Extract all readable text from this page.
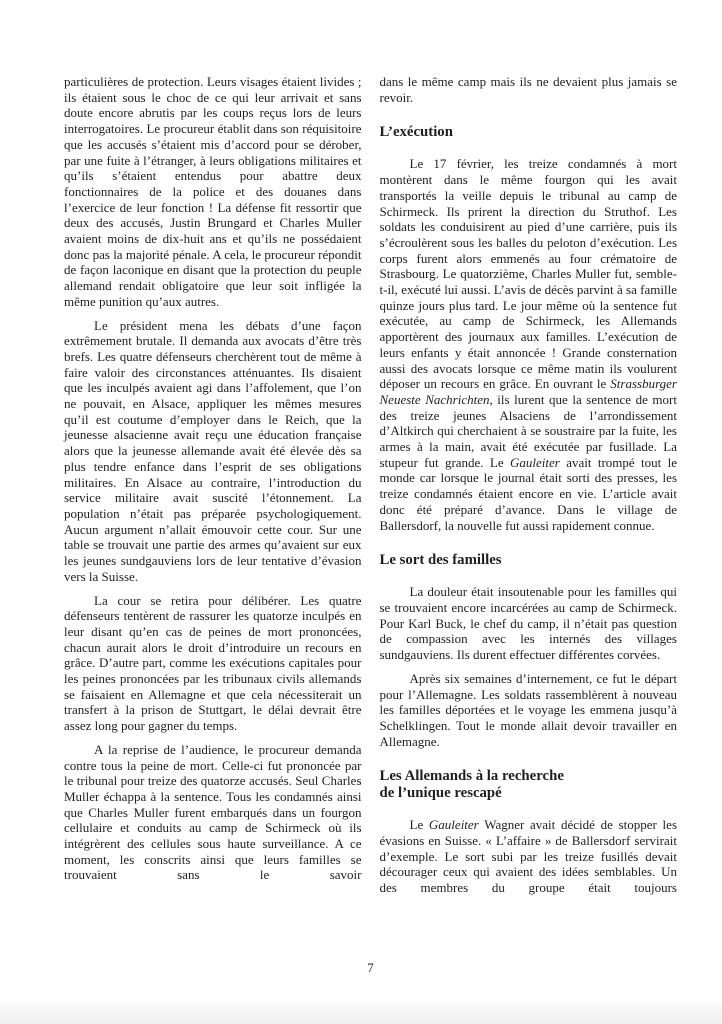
particulières de protection. Leurs visages étaient livides ; ils étaient sous le choc de ce qui leur arrivait et sans doute encore abrutis par les coups reçus lors de leurs interrogatoires. Le procureur établit dans son réquisitoire que les accusés s’étaient mis d’accord pour se dérober, par une fuite à l’étranger, à leurs obligations militaires et qu’ils s’étaient entendus pour abattre deux fonctionnaires de la police et des douanes dans l’exercice de leur fonction ! La défense fit ressortir que deux des accusés, Justin Brungard et Charles Muller avaient moins de dix-huit ans et qu’ils ne possédaient donc pas la majorité pénale. A cela, le procureur répondit de façon laconique en disant que la protection du peuple allemand rendait obligatoire que leur soit infligée la même punition qu’aux autres.

Le président mena les débats d’une façon extrêmement brutale. Il demanda aux avocats d’être très brefs. Les quatre défenseurs cherchèrent tout de même à faire valoir des circonstances atténuantes. Ils disaient que les inculpés avaient agi dans l’affolement, que l’on ne pouvait, en Alsace, appliquer les mêmes mesures qu’il est coutume d’employer dans le Reich, que la jeunesse alsacienne avait reçu une éducation française alors que la jeunesse allemande avait été élevée dès sa plus tendre enfance dans l’esprit de ses obligations militaires. En Alsace au contraire, l’introduction du service militaire avait suscité l’étonnement. La population n’était pas préparée psychologiquement. Aucun argument n’allait émouvoir cette cour. Sur une table se trouvait une partie des armes qu’avaient sur eux les jeunes sundgauviens lors de leur tentative d’évasion vers la Suisse.

La cour se retira pour délibérer. Les quatre défenseurs tentèrent de rassurer les quatorze inculpés en leur disant qu’en cas de peines de mort prononcées, chacun aurait alors le droit d’introduire un recours en grâce. D’autre part, comme les exécutions capitales pour les peines prononcées par les tribunaux civils allemands se faisaient en Allemagne et que cela nécessiterait un transfert à la prison de Stuttgart, le délai devrait être assez long pour gagner du temps.

A la reprise de l’audience, le procureur demanda contre tous la peine de mort. Celle-ci fut prononcée par le tribunal pour treize des quatorze accusés. Seul Charles Muller échappa à la sentence. Tous les condamnés ainsi que Charles Muller furent embarqués dans un fourgon cellulaire et conduits au camp de Schirmeck où ils intégrèrent des cellules sous haute surveillance. A ce moment, les conscrits ainsi que leurs familles se trouvaient sans le savoir

dans le même camp mais ils ne devaient plus jamais se revoir.

L’exécution

Le 17 février, les treize condamnés à mort montèrent dans le même fourgon qui les avait transportés la veille depuis le tribunal au camp de Schirmeck. Ils prirent la direction du Struthof. Les soldats les conduisirent au pied d’une carrière, puis ils s’écroulèrent sous les balles du peloton d’exécution. Les corps furent alors emmenés au four crématoire de Strasbourg. Le quatorzième, Charles Muller fut, semble-t-il, exécuté lui aussi. L’avis de décès parvint à sa famille quinze jours plus tard. Le jour même où la sentence fut exécutée, au camp de Schirmeck, les Allemands apportèrent des journaux aux familles. L’exécution de leurs enfants y était annoncée ! Grande consternation aussi des avocats lorsque ce même matin ils voulurent déposer un recours en grâce. En ouvrant le Strassburger Neueste Nachrichten, ils lurent que la sentence de mort des treize jeunes Alsaciens de l’arrondissement d’Altkirch qui cherchaient à se soustraire par la fuite, les armes à la main, avait été exécutée par fusillade. La stupeur fut grande. Le Gauleiter avait trompé tout le monde car lorsque le journal était sorti des presses, les treize condamnés étaient encore en vie. L’article avait donc été préparé d’avance. Dans le village de Ballersdorf, la nouvelle fut aussi rapidement connue.

Le sort des familles

La douleur était insoutenable pour les familles qui se trouvaient encore incarcérées au camp de Schirmeck. Pour Karl Buck, le chef du camp, il n’était pas question de compassion avec les internés des villages sundgauviens. Ils durent effectuer différentes corvées.

Après six semaines d’internement, ce fut le départ pour l’Allemagne. Les soldats rassemblèrent à nouveau les familles déportées et le voyage les emmena jusqu’à Schelklingen. Tout le monde allait devoir travailler en Allemagne.

Les Allemands à la recherche
de l’unique rescapé

Le Gauleiter Wagner avait décidé de stopper les évasions en Suisse. « L’affaire » de Ballersdorf servirait d’exemple. Le sort subi par les treize fusillés devait décourager ceux qui avaient des idées semblables. Un des membres du groupe était toujours

7
